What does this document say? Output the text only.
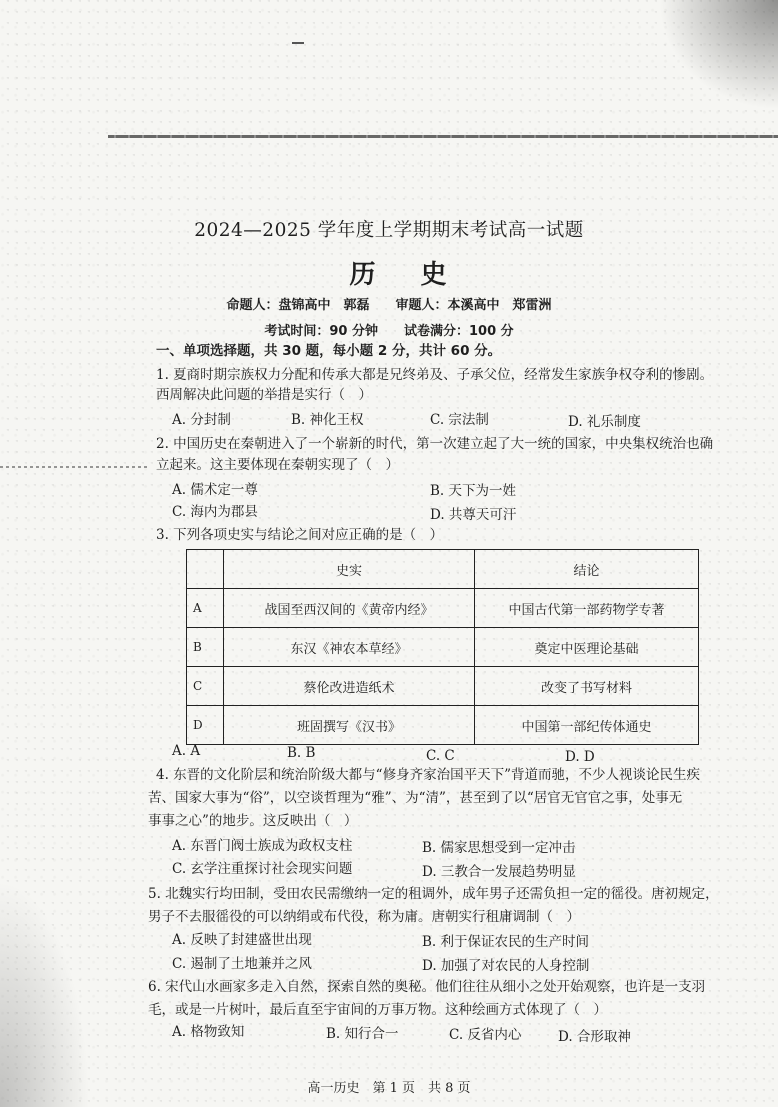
2024—2025 学年度上学期期末考试高一试题
历 史
命题人：盘锦高中　郭磊　　审题人：本溪高中　郑雷洲
考试时间：90 分钟　　试卷满分：100 分
一、单项选择题，共 30 题，每小题 2 分，共计 60 分。
1. 夏商时期宗族权力分配和传承大都是兄终弟及、子承父位，经常发生家族争权夺利的惨剧。
西周解决此问题的举措是实行（　）
A. 分封制	B. 神化王权	C. 宗法制	D. 礼乐制度
2. 中国历史在秦朝进入了一个崭新的时代，第一次建立起了大一统的国家，中央集权统治也确
立起来。这主要体现在秦朝实现了（　）
A. 儒术定一尊	B. 天下为一姓
C. 海内为郡县	D. 共尊天可汗
3. 下列各项史实与结论之间对应正确的是（　）
	史实	结论
A	战国至西汉间的《黄帝内经》	中国古代第一部药物学专著
B	东汉《神农本草经》	奠定中医理论基础
C	蔡伦改进造纸术	改变了书写材料
D	班固撰写《汉书》	中国第一部纪传体通史
A. A	B. B	C. C	D. D
4. 东晋的文化阶层和统治阶级大都与“修身齐家治国平天下”背道而驰，不少人视谈论民生疾
苦、国家大事为“俗”，以空谈哲理为“雅”、为“清”，甚至到了以“居官无官官之事，处事无
事事之心”的地步。这反映出（　）
A. 东晋门阀士族成为政权支柱	B. 儒家思想受到一定冲击
C. 玄学注重探讨社会现实问题	D. 三教合一发展趋势明显
5. 北魏实行均田制，受田农民需缴纳一定的租调外，成年男子还需负担一定的徭役。唐初规定，
男子不去服徭役的可以纳绢或布代役，称为庸。唐朝实行租庸调制（　）
A. 反映了封建盛世出现	B. 利于保证农民的生产时间
C. 遏制了土地兼并之风	D. 加强了对农民的人身控制
6. 宋代山水画家多走入自然，探索自然的奥秘。他们往往从细小之处开始观察，也许是一支羽
毛，或是一片树叶，最后直至宇宙间的万事万物。这种绘画方式体现了（　）
A. 格物致知	B. 知行合一	C. 反省内心	D. 合形取神
高一历史　第 1 页　共 8 页
